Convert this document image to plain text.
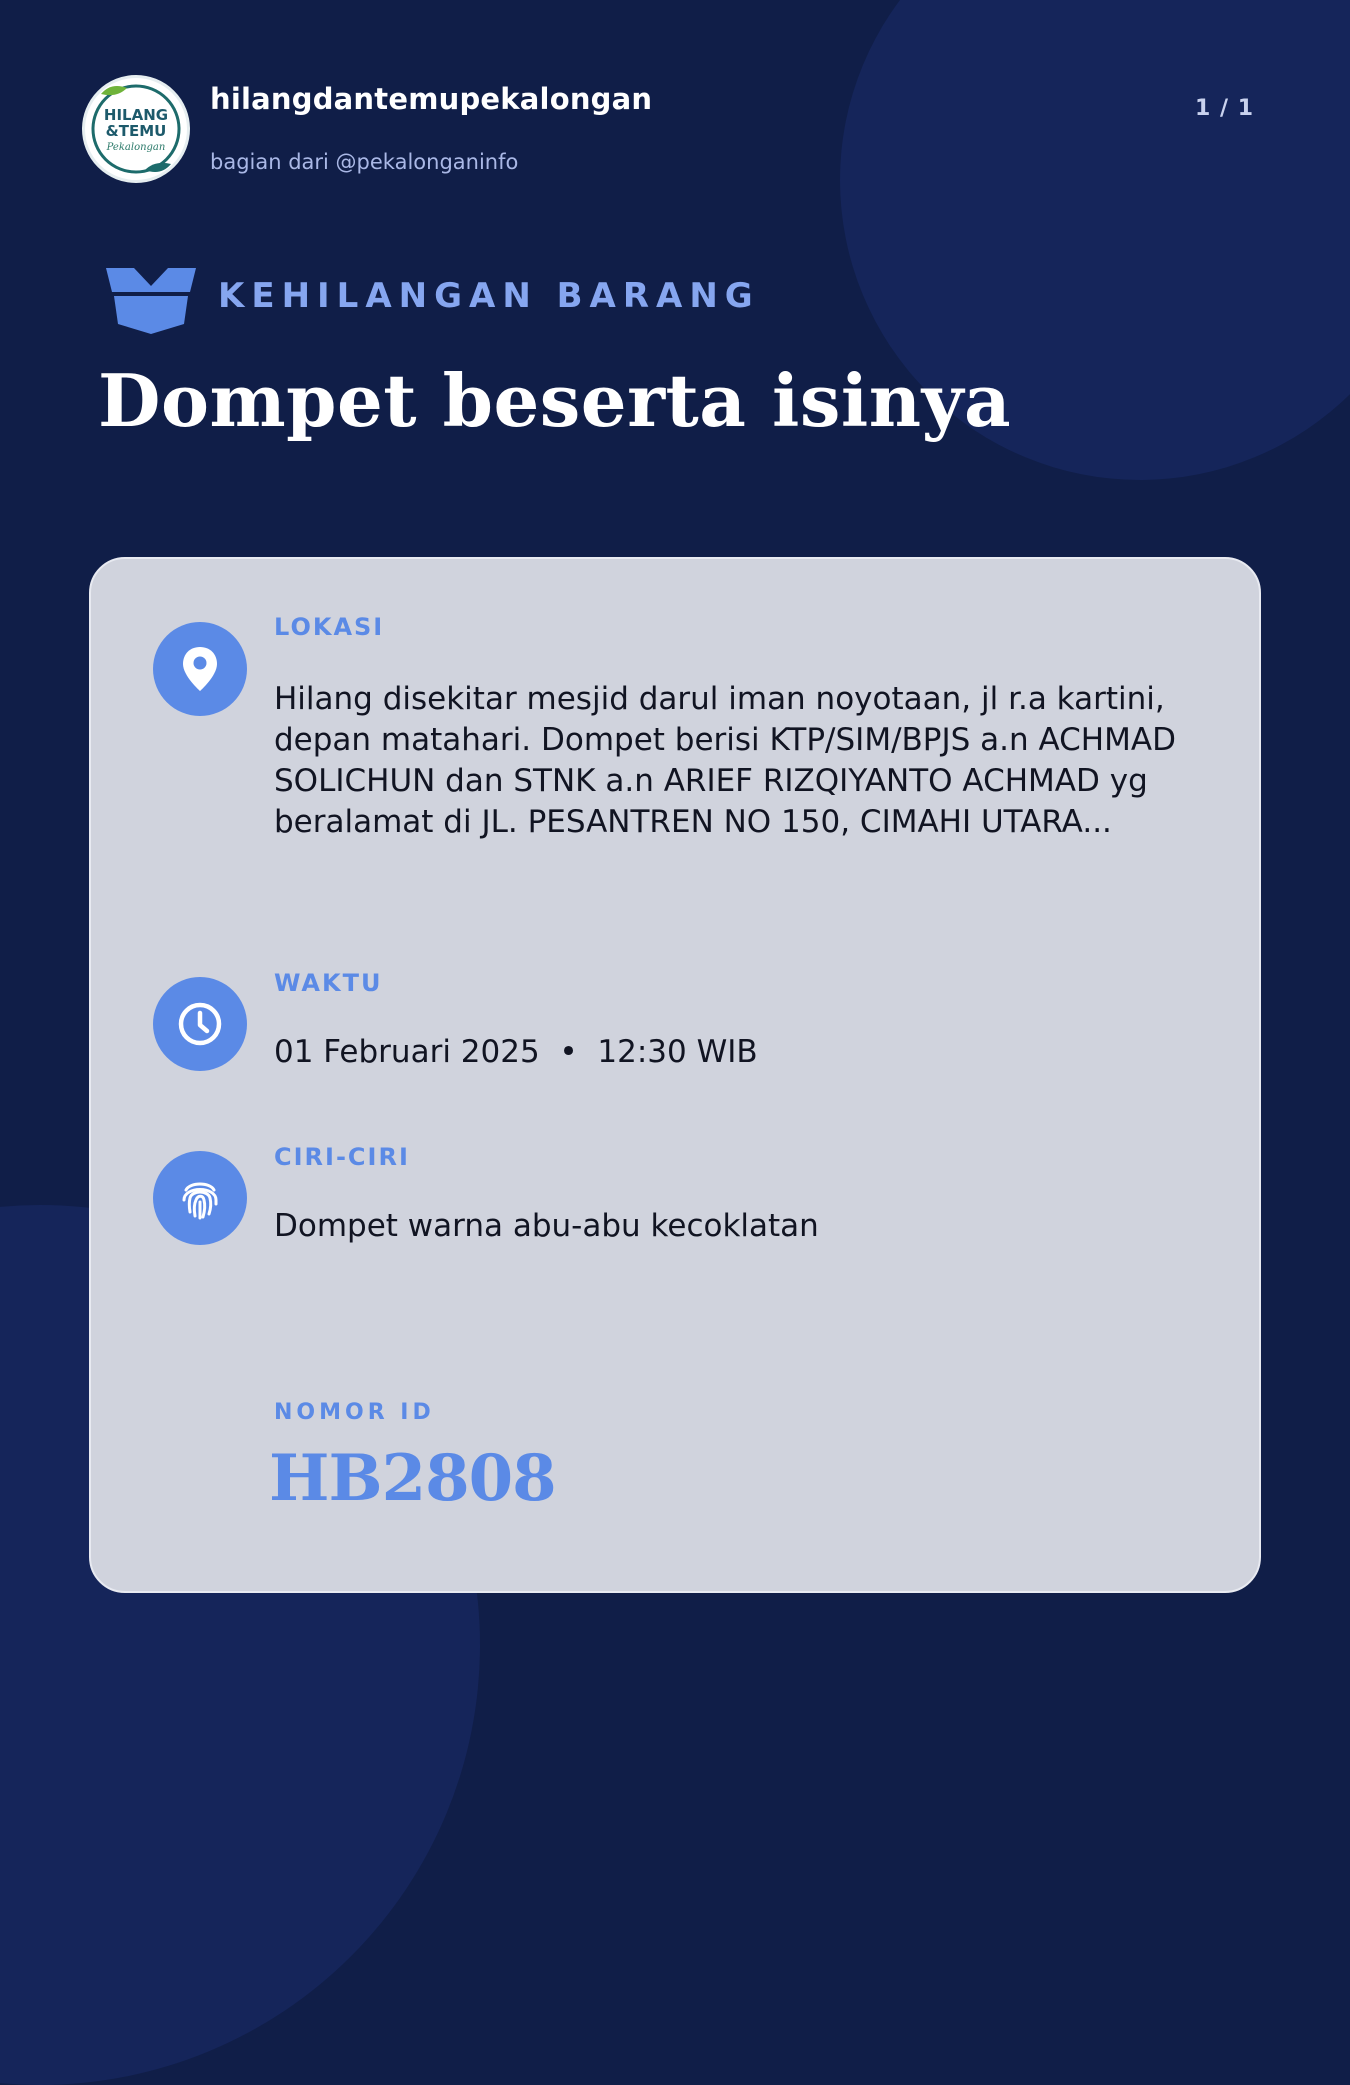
HILANG
&TEMU
Pekalongan
hilangdantemupekalongan
bagian dari @pekalonganinfo
1 / 1
KEHILANGAN BARANG
Dompet beserta isinya
LOKASI
Hilang disekitar mesjid darul iman noyotaan, jl r.a kartini,
depan matahari. Dompet berisi KTP/SIM/BPJS a.n ACHMAD
SOLICHUN dan STNK a.n ARIEF RIZQIYANTO ACHMAD yg
beralamat di JL. PESANTREN NO 150, CIMAHI UTARA...
WAKTU
01 Februari 2025  •  12:30 WIB
CIRI-CIRI
Dompet warna abu-abu kecoklatan
NOMOR ID
HB2808
